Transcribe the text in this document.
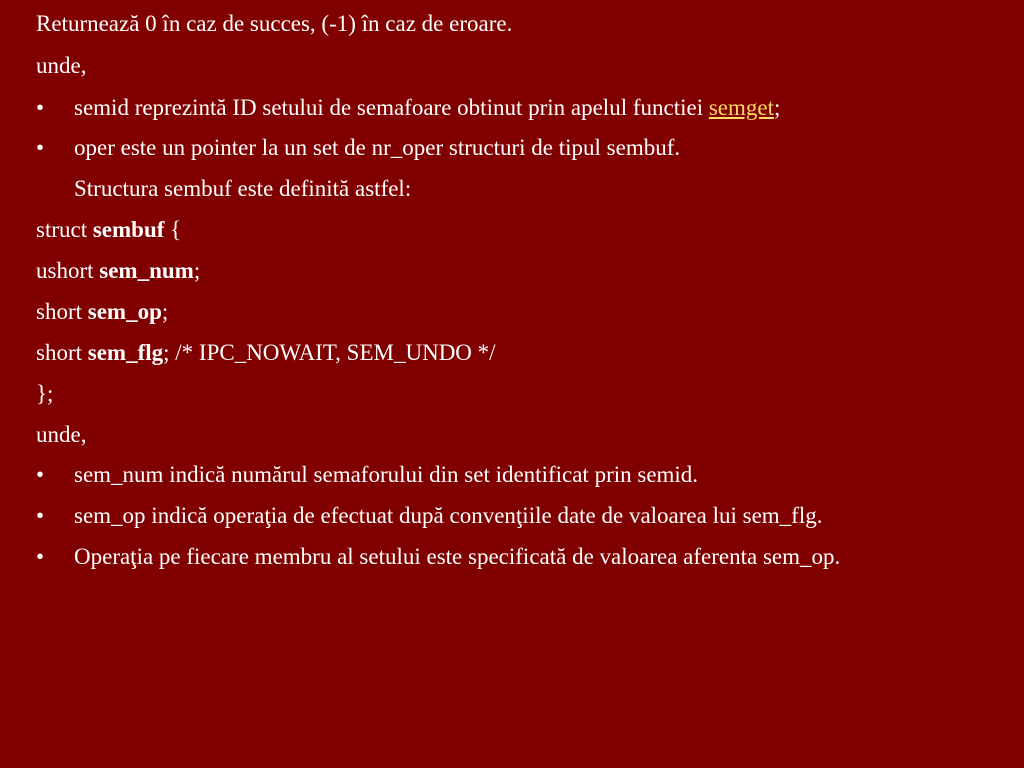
Returnează 0 în caz de succes, (-1) în caz de eroare.
unde,
• semid reprezintă ID setului de semafoare obtinut prin apelul functiei semget;
• oper este un pointer la un set de nr_oper structuri de tipul sembuf.
Structura sembuf este definită astfel:
struct sembuf {
ushort sem_num;
short sem_op;
short sem_flg; /* IPC_NOWAIT, SEM_UNDO */
};
unde,
• sem_num indică numărul semaforului din set identificat prin semid.
• sem_op indică operaţia de efectuat după convenţiile date de valoarea lui sem_flg.
• Operaţia pe fiecare membru al setului este specificată de valoarea aferenta sem_op.
